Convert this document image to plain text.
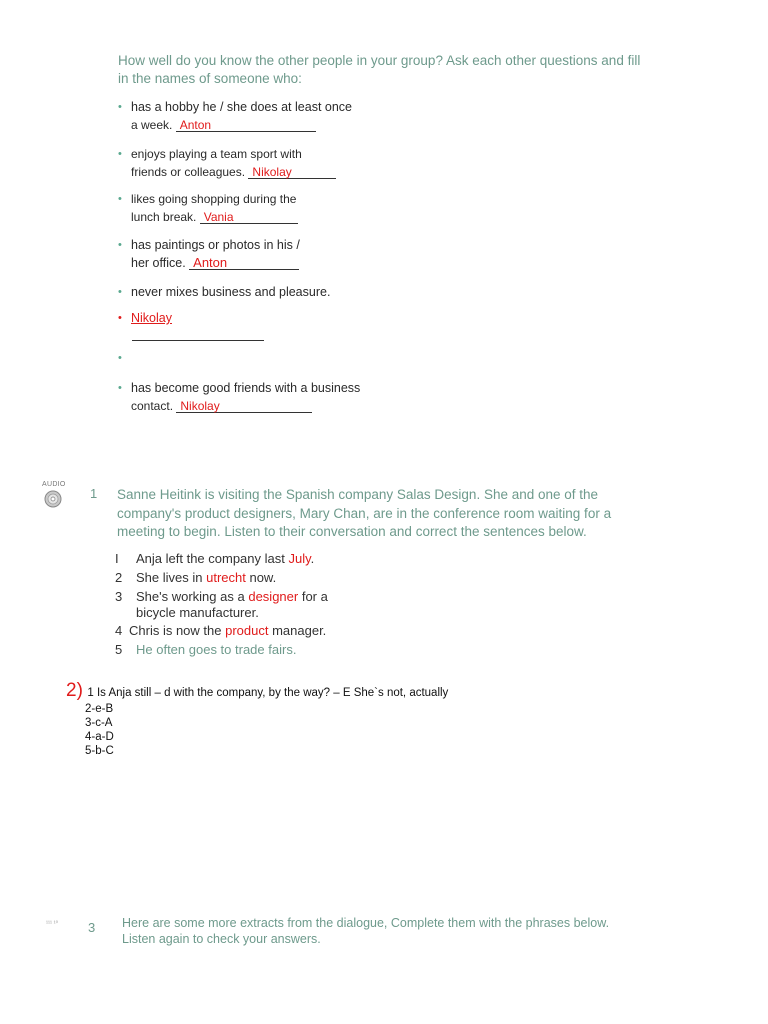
How well do you know the other people in your group? Ask each other questions and fill
in the names of someone who:
• has a hobby he / she does at least once
a week. Anton
• enjoys playing a team sport with
friends or colleagues. Nikolay
• likes going shopping during the
lunch break. Vania
• has paintings or photos in his /
her office. Anton
• never mixes business and pleasure.
• Nikolay
•
• has become good friends with a business
contact. Nikolay
AUDIO
1 Sanne Heitink is visiting the Spanish company Salas Design. She and one of the
company's product designers, Mary Chan, are in the conference room waiting for a
meeting to begin. Listen to their conversation and correct the sentences below.
I Anja left the company last July.
2 She lives in utrecht now.
3 She's working as a designer for a
bicycle manufacturer.
4 Chris is now the product manager.
5 He often goes to trade fairs.
2) 1 Is Anja still – d with the company, by the way? – E She`s not, actually
2-e-B
3-c-A
4-a-D
5-b-C
¹¹¹ ¹⁰ 3 Here are some more extracts from the dialogue, Complete them with the phrases below.
Listen again to check your answers.
